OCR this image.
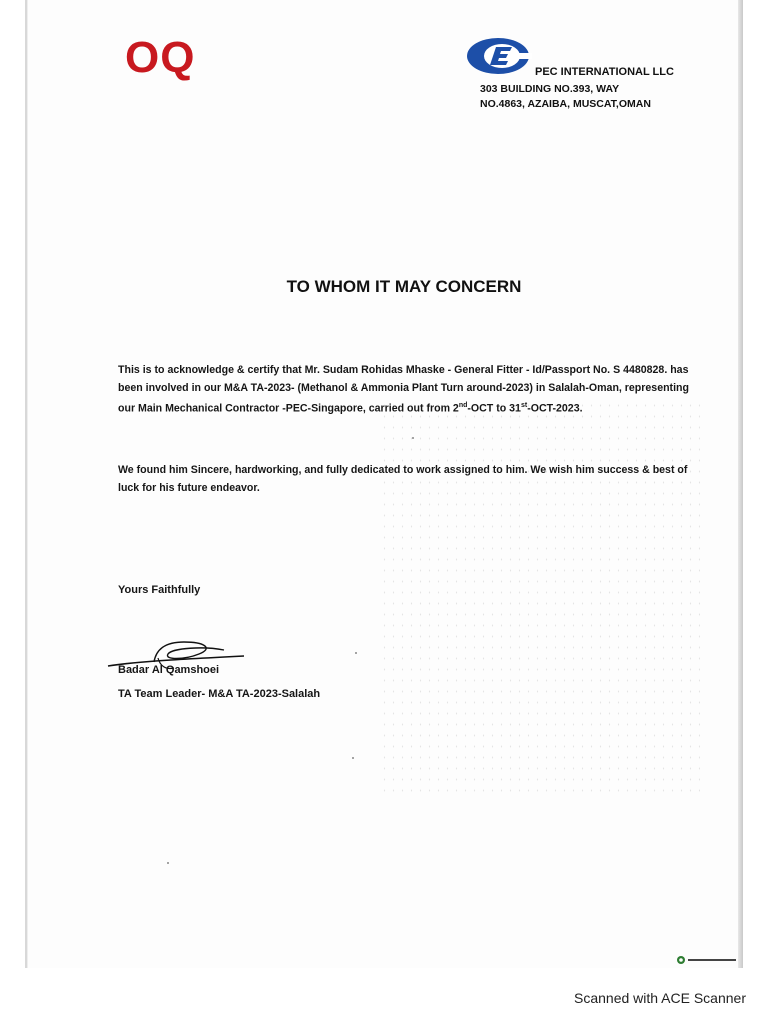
OQ	PEC INTERNATIONAL LLC
303 BUILDING NO.393, WAY
NO.4863, AZAIBA, MUSCAT,OMAN
TO WHOM IT MAY CONCERN
This is to acknowledge & certify that Mr. Sudam Rohidas Mhaske - General Fitter - Id/Passport No. S 4480828. has been involved in our M&A TA-2023- (Methanol & Ammonia Plant Turn around-2023) in Salalah-Oman, representing our Main Mechanical Contractor -PEC-Singapore, carried out from 2nd-OCT to 31st-OCT-2023.
We found him Sincere, hardworking, and fully dedicated to work assigned to him. We wish him success & best of luck for his future endeavor.
Yours Faithfully
Badar Al Qamshoei
TA Team Leader- M&A TA-2023-Salalah
Scanned with ACE Scanner
